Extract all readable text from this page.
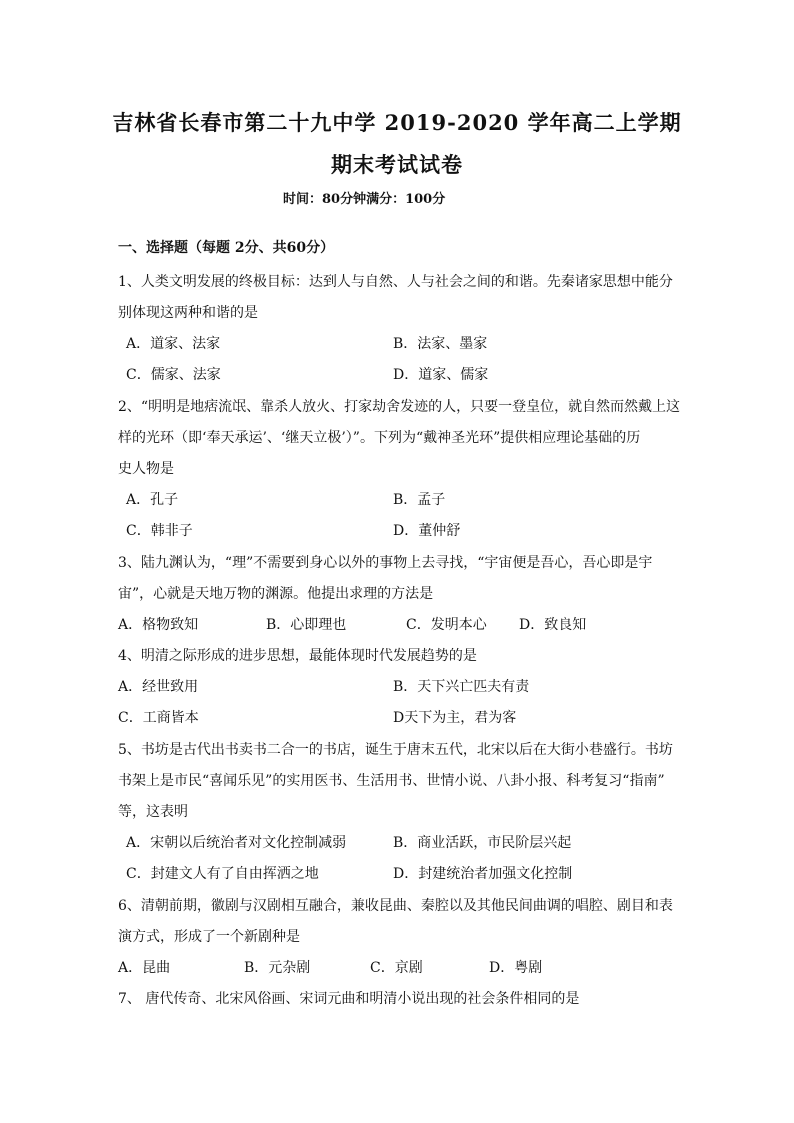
吉林省长春市第二十九中学 2019-2020 学年高二上学期
期末考试试卷
时间：80分钟满分：100分
一、选择题（每题 2分、共60分）
1、人类文明发展的终极目标：达到人与自然、人与社会之间的和谐。先秦诸家思想中能分
别体现这两种和谐的是
A．道家、法家	B．法家、墨家
C．儒家、法家	D．道家、儒家
2、“明明是地痞流氓、靠杀人放火、打家劫舍发迹的人，只要一登皇位，就自然而然戴上这
样的光环（即‘奉天承运’、‘继天立极’）”。下列为“戴神圣光环”提供相应理论基础的历
史人物是
A．孔子	B．孟子
C．韩非子	D．董仲舒
3、陆九渊认为，“理”不需要到身心以外的事物上去寻找，“宇宙便是吾心，吾心即是宇
宙”，心就是天地万物的渊源。他提出求理的方法是
A．格物致知	B．心即理也	C．发明本心 D．致良知
4、明清之际形成的进步思想，最能体现时代发展趋势的是
A．经世致用	B．天下兴亡匹夫有责
C．工商皆本	D天下为主，君为客
5、书坊是古代出书卖书二合一的书店，诞生于唐末五代，北宋以后在大街小巷盛行。书坊
书架上是市民“喜闻乐见”的实用医书、生活用书、世情小说、八卦小报、科考复习“指南”
等，这表明
A．宋朝以后统治者对文化控制减弱	B．商业活跃，市民阶层兴起
C．封建文人有了自由挥洒之地	D．封建统治者加强文化控制
6、清朝前期，徽剧与汉剧相互融合，兼收昆曲、秦腔以及其他民间曲调的唱腔、剧目和表
演方式，形成了一个新剧种是
A．昆曲	B．元杂剧	C．京剧	D．粤剧
7、 唐代传奇、北宋风俗画、宋词元曲和明清小说出现的社会条件相同的是
